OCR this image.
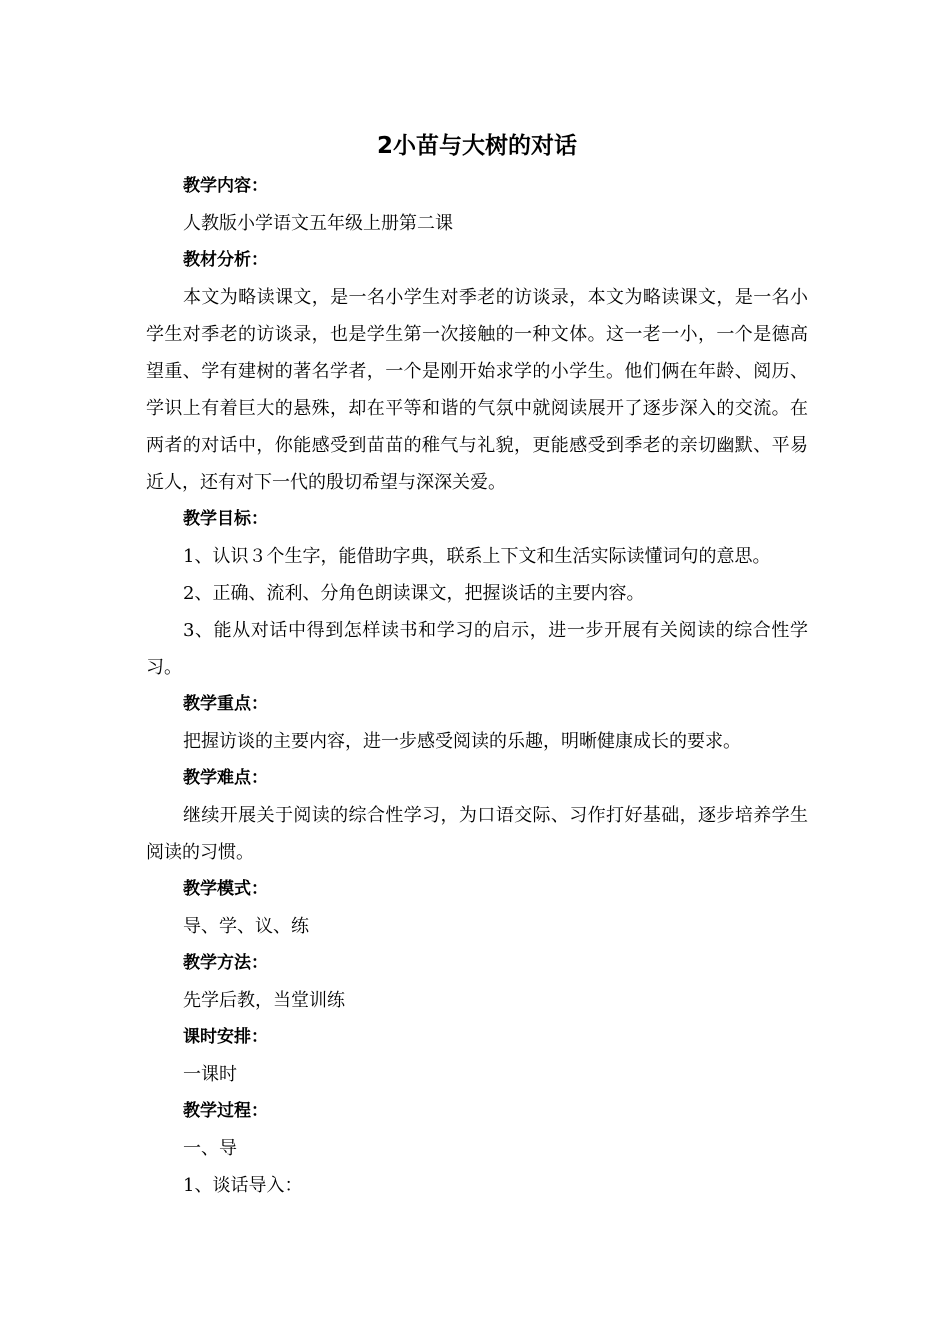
2小苗与大树的对话
教学内容：
人教版小学语文五年级上册第二课
教材分析：

本文为略读课文，是一名小学生对季老的访谈录，本文为略读课文，是一名小学生对季老的访谈录，也是学生第一次接触的一种文体。这一老一小，一个是德高望重、学有建树的著名学者，一个是刚开始求学的小学生。他们俩在年龄、阅历、学识上有着巨大的悬殊，却在平等和谐的气氛中就阅读展开了逐步深入的交流。在两者的对话中，你能感受到苗苗的稚气与礼貌，更能感受到季老的亲切幽默、平易近人，还有对下一代的殷切希望与深深关爱。

教学目标：

1、认识３个生字，能借助字典，联系上下文和生活实际读懂词句的意思。

2、正确、流利、分角色朗读课文，把握谈话的主要内容。

3、能从对话中得到怎样读书和学习的启示，进一步开展有关阅读的综合性学习。

教学重点：

把握访谈的主要内容，进一步感受阅读的乐趣，明晰健康成长的要求。

教学难点：

继续开展关于阅读的综合性学习，为口语交际、习作打好基础，逐步培养学生阅读的习惯。

教学模式：
导、学、议、练
教学方法：
先学后教，当堂训练
课时安排：
一课时
教学过程：
一、导
1、谈话导入：
